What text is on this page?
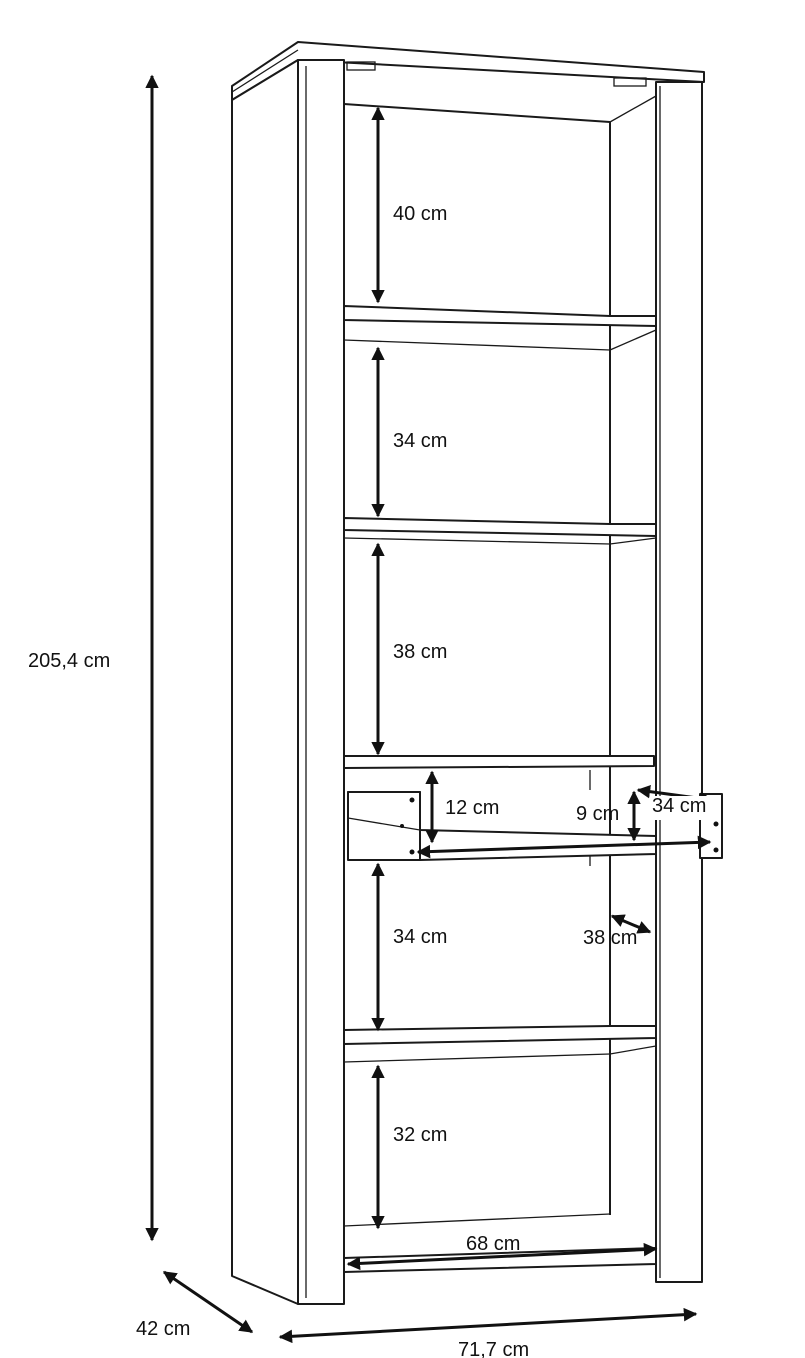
205,4 cm
42 cm
71,7 cm
68 cm
40 cm
34 cm
38 cm
12 cm	9 cm 34 cm
38 cm
34 cm
32 cm
